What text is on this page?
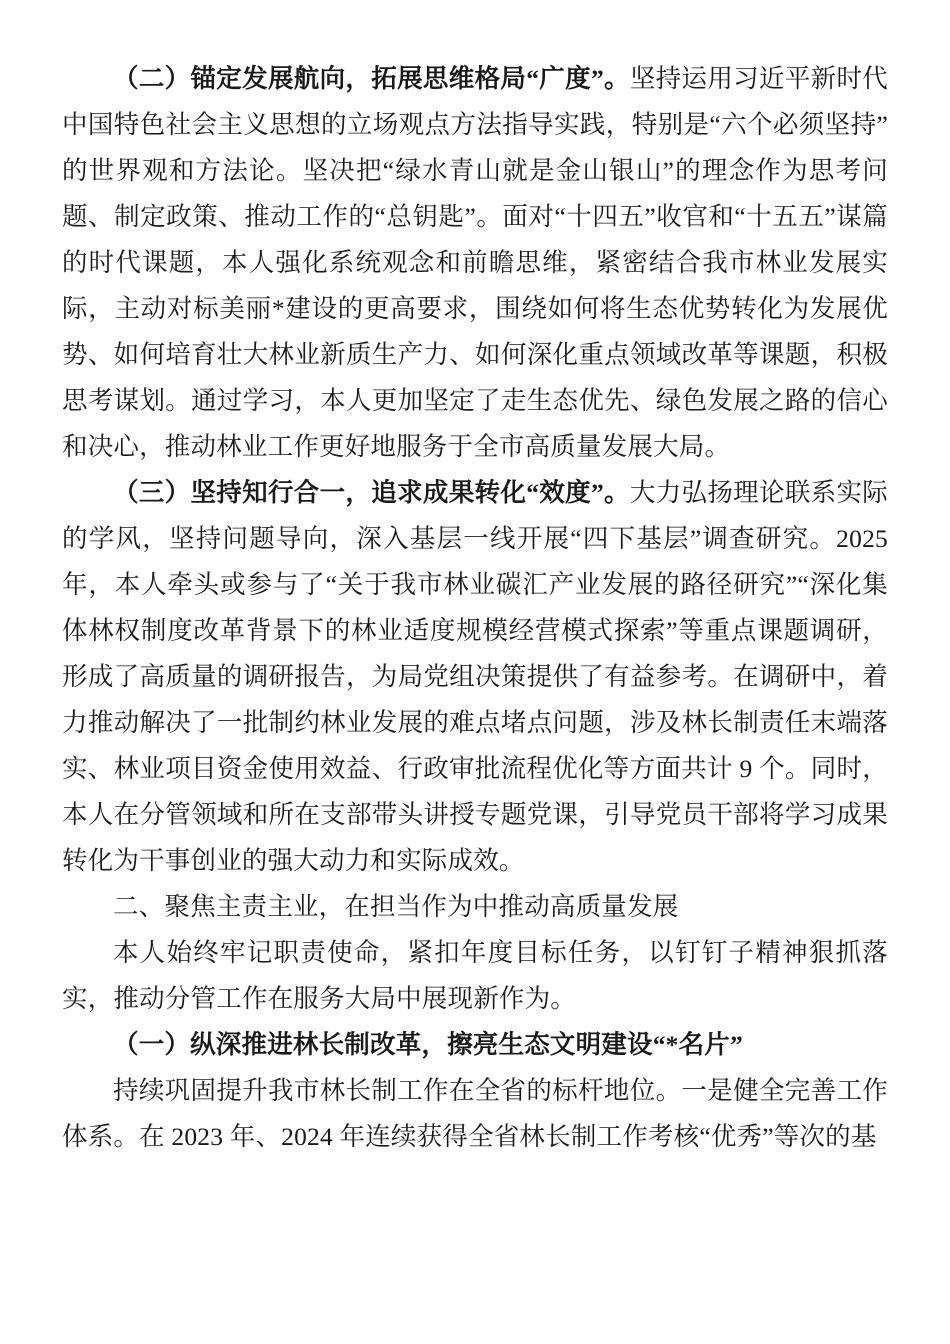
（二）锚定发展航向，拓展思维格局“广度”。坚持运用习近平新时代中国特色社会主义思想的立场观点方法指导实践，特别是“六个必须坚持”的世界观和方法论。坚决把“绿水青山就是金山银山”的理念作为思考问题、制定政策、推动工作的“总钥匙”。面对“十四五”收官和“十五五”谋篇的时代课题，本人强化系统观念和前瞻思维，紧密结合我市林业发展实际，主动对标美丽*建设的更高要求，围绕如何将生态优势转化为发展优势、如何培育壮大林业新质生产力、如何深化重点领域改革等课题，积极思考谋划。通过学习，本人更加坚定了走生态优先、绿色发展之路的信心和决心，推动林业工作更好地服务于全市高质量发展大局。

（三）坚持知行合一，追求成果转化“效度”。大力弘扬理论联系实际的学风，坚持问题导向，深入基层一线开展“四下基层”调查研究。2025 年，本人牵头或参与了“关于我市林业碳汇产业发展的路径研究”“深化集体林权制度改革背景下的林业适度规模经营模式探索”等重点课题调研，形成了高质量的调研报告，为局党组决策提供了有益参考。在调研中，着力推动解决了一批制约林业发展的难点堵点问题，涉及林长制责任末端落实、林业项目资金使用效益、行政审批流程优化等方面共计 9 个。同时，本人在分管领域和所在支部带头讲授专题党课，引导党员干部将学习成果转化为干事创业的强大动力和实际成效。

二、聚焦主责主业，在担当作为中推动高质量发展

本人始终牢记职责使命，紧扣年度目标任务，以钉钉子精神狠抓落实，推动分管工作在服务大局中展现新作为。

（一）纵深推进林长制改革，擦亮生态文明建设“*名片”

持续巩固提升我市林长制工作在全省的标杆地位。一是健全完善工作体系。在 2023 年、2024 年连续获得全省林长制工作考核“优秀”等次的基
